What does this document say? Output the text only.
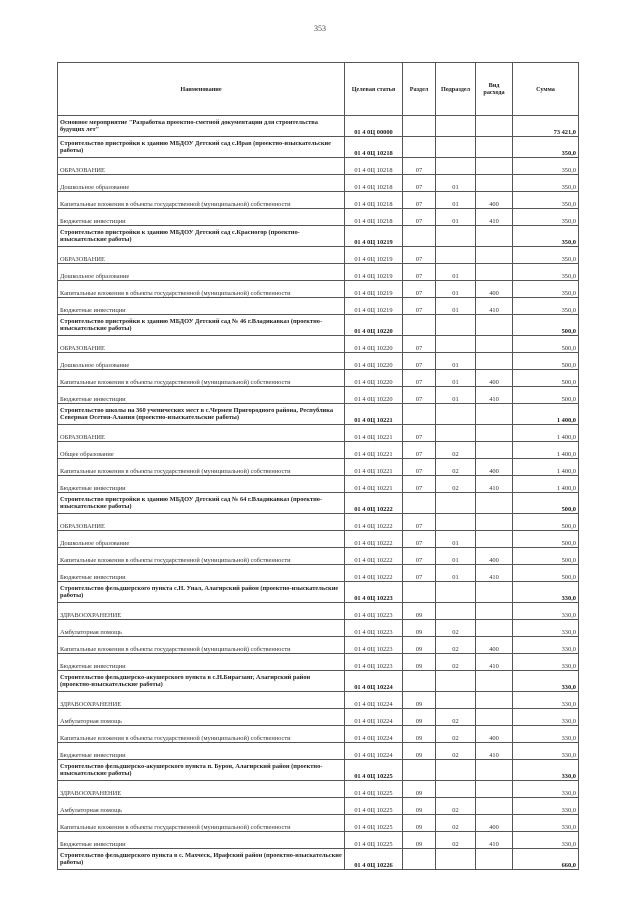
353
Наименование	Целевая статья	Раздел	Подраздел	Вид расхода	Сумма
Основное мероприятие "Разработка проектно-сметной документации для строительства будущих лет"	01 4 0Ц 00000				73 421,0
Строительство пристройки к зданию МБДОУ Детский сад с.Ирав (проектно-изыскательские работы)	01 4 0Ц 10218				350,0
ОБРАЗОВАНИЕ	01 4 0Ц 10218	07			350,0
Дошкольное образование	01 4 0Ц 10218	07	01		350,0
Капитальные вложения в объекты государственной (муниципальной) собственности	01 4 0Ц 10218	07	01	400	350,0
Бюджетные инвестиции	01 4 0Ц 10218	07	01	410	350,0
Строительство пристройки к зданию МБДОУ Детский сад с.Красногор (проектно-изыскательские работы)	01 4 0Ц 10219				350,0
ОБРАЗОВАНИЕ	01 4 0Ц 10219	07			350,0
Дошкольное образование	01 4 0Ц 10219	07	01		350,0
Капитальные вложения в объекты государственной (муниципальной) собственности	01 4 0Ц 10219	07	01	400	350,0
Бюджетные инвестиции	01 4 0Ц 10219	07	01	410	350,0
Строительство пристройки к зданию МБДОУ Детский сад № 46 г.Владикавказ (проектно-изыскательские работы)	01 4 0Ц 10220				500,0
ОБРАЗОВАНИЕ	01 4 0Ц 10220	07			500,0
Дошкольное образование	01 4 0Ц 10220	07	01		500,0
Капитальные вложения в объекты государственной (муниципальной) собственности	01 4 0Ц 10220	07	01	400	500,0
Бюджетные инвестиции	01 4 0Ц 10220	07	01	410	500,0
Строительство школы на 360 ученических мест в с.Чермен Пригородного района, Республика Северная Осетия-Алания (проектно-изыскательские работы)	01 4 0Ц 10221				1 400,0
ОБРАЗОВАНИЕ	01 4 0Ц 10221	07			1 400,0
Общее образование	01 4 0Ц 10221	07	02		1 400,0
Капитальные вложения в объекты государственной (муниципальной) собственности	01 4 0Ц 10221	07	02	400	1 400,0
Бюджетные инвестиции	01 4 0Ц 10221	07	02	410	1 400,0
Строительство пристройки к зданию МБДОУ Детский сад № 64 г.Владикавказ (проектно-изыскательские работы)	01 4 0Ц 10222				500,0
ОБРАЗОВАНИЕ	01 4 0Ц 10222	07			500,0
Дошкольное образование	01 4 0Ц 10222	07	01		500,0
Капитальные вложения в объекты государственной (муниципальной) собственности	01 4 0Ц 10222	07	01	400	500,0
Бюджетные инвестиции	01 4 0Ц 10222	07	01	410	500,0
Строительство фельдшерского пункта с.Н. Унал, Алагирский район (проектно-изыскательские работы)	01 4 0Ц 10223				330,0
ЗДРАВООХРАНЕНИЕ	01 4 0Ц 10223	09			330,0
Амбулаторная помощь	01 4 0Ц 10223	09	02		330,0
Капитальные вложения в объекты государственной (муниципальной) собственности	01 4 0Ц 10223	09	02	400	330,0
Бюджетные инвестиции	01 4 0Ц 10223	09	02	410	330,0
Строительство фельдшерско-акушерского пункта в с.Н.Бирагзанг, Алагирский район (проектно-изыскательские работы)	01 4 0Ц 10224				330,0
ЗДРАВООХРАНЕНИЕ	01 4 0Ц 10224	09			330,0
Амбулаторная помощь	01 4 0Ц 10224	09	02		330,0
Капитальные вложения в объекты государственной (муниципальной) собственности	01 4 0Ц 10224	09	02	400	330,0
Бюджетные инвестиции	01 4 0Ц 10224	09	02	410	330,0
Строительство фельдшерско-акушерского пункта п. Бурон, Алагирский район (проектно-изыскательские работы)	01 4 0Ц 10225				330,0
ЗДРАВООХРАНЕНИЕ	01 4 0Ц 10225	09			330,0
Амбулаторная помощь	01 4 0Ц 10225	09	02		330,0
Капитальные вложения в объекты государственной (муниципальной) собственности	01 4 0Ц 10225	09	02	400	330,0
Бюджетные инвестиции	01 4 0Ц 10225	09	02	410	330,0
Строительство фельдшерского пункта в с. Махческ, Ирафский район (проектно-изыскательские работы)	01 4 0Ц 10226				660,0
